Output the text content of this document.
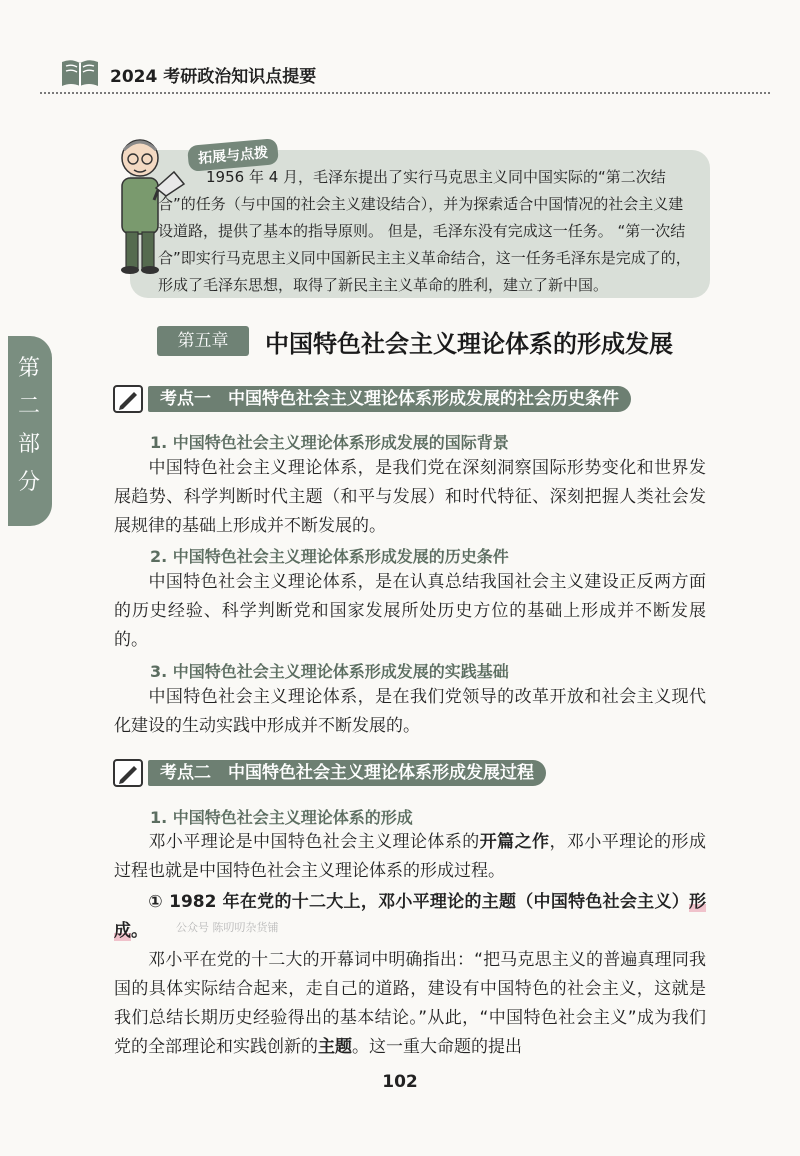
2024 考研政治知识点提要
第二部分
拓展与点拨
1956 年 4 月，毛泽东提出了实行马克思主义同中国实际的“第二次结合”的任务（与中国的社会主义建设结合），并为探索适合中国情况的社会主义建设道路，提供了基本的指导原则。 但是，毛泽东没有完成这一任务。 “第一次结合”即实行马克思主义同中国新民主主义革命结合，这一任务毛泽东是完成了的，形成了毛泽东思想，取得了新民主主义革命的胜利，建立了新中国。
第五章	中国特色社会主义理论体系的形成发展
考点一　中国特色社会主义理论体系形成发展的社会历史条件
1. 中国特色社会主义理论体系形成发展的国际背景
中国特色社会主义理论体系，是我们党在深刻洞察国际形势变化和世界发展趋势、科学判断时代主题（和平与发展）和时代特征、深刻把握人类社会发展规律的基础上形成并不断发展的。
2. 中国特色社会主义理论体系形成发展的历史条件
中国特色社会主义理论体系，是在认真总结我国社会主义建设正反两方面的历史经验、科学判断党和国家发展所处历史方位的基础上形成并不断发展的。
3. 中国特色社会主义理论体系形成发展的实践基础
中国特色社会主义理论体系，是在我们党领导的改革开放和社会主义现代化建设的生动实践中形成并不断发展的。
考点二　中国特色社会主义理论体系形成发展过程
1. 中国特色社会主义理论体系的形成
邓小平理论是中国特色社会主义理论体系的开篇之作，邓小平理论的形成过程也就是中国特色社会主义理论体系的形成过程。
① 1982 年在党的十二大上，邓小平理论的主题（中国特色社会主义）形成。	公众号 陈叨叨杂货铺
邓小平在党的十二大的开幕词中明确指出：“把马克思主义的普遍真理同我国的具体实际结合起来，走自己的道路，建设有中国特色的社会主义，这就是我们总结长期历史经验得出的基本结论。”从此，“中国特色社会主义”成为我们党的全部理论和实践创新的主题。这一重大命题的提出
102
